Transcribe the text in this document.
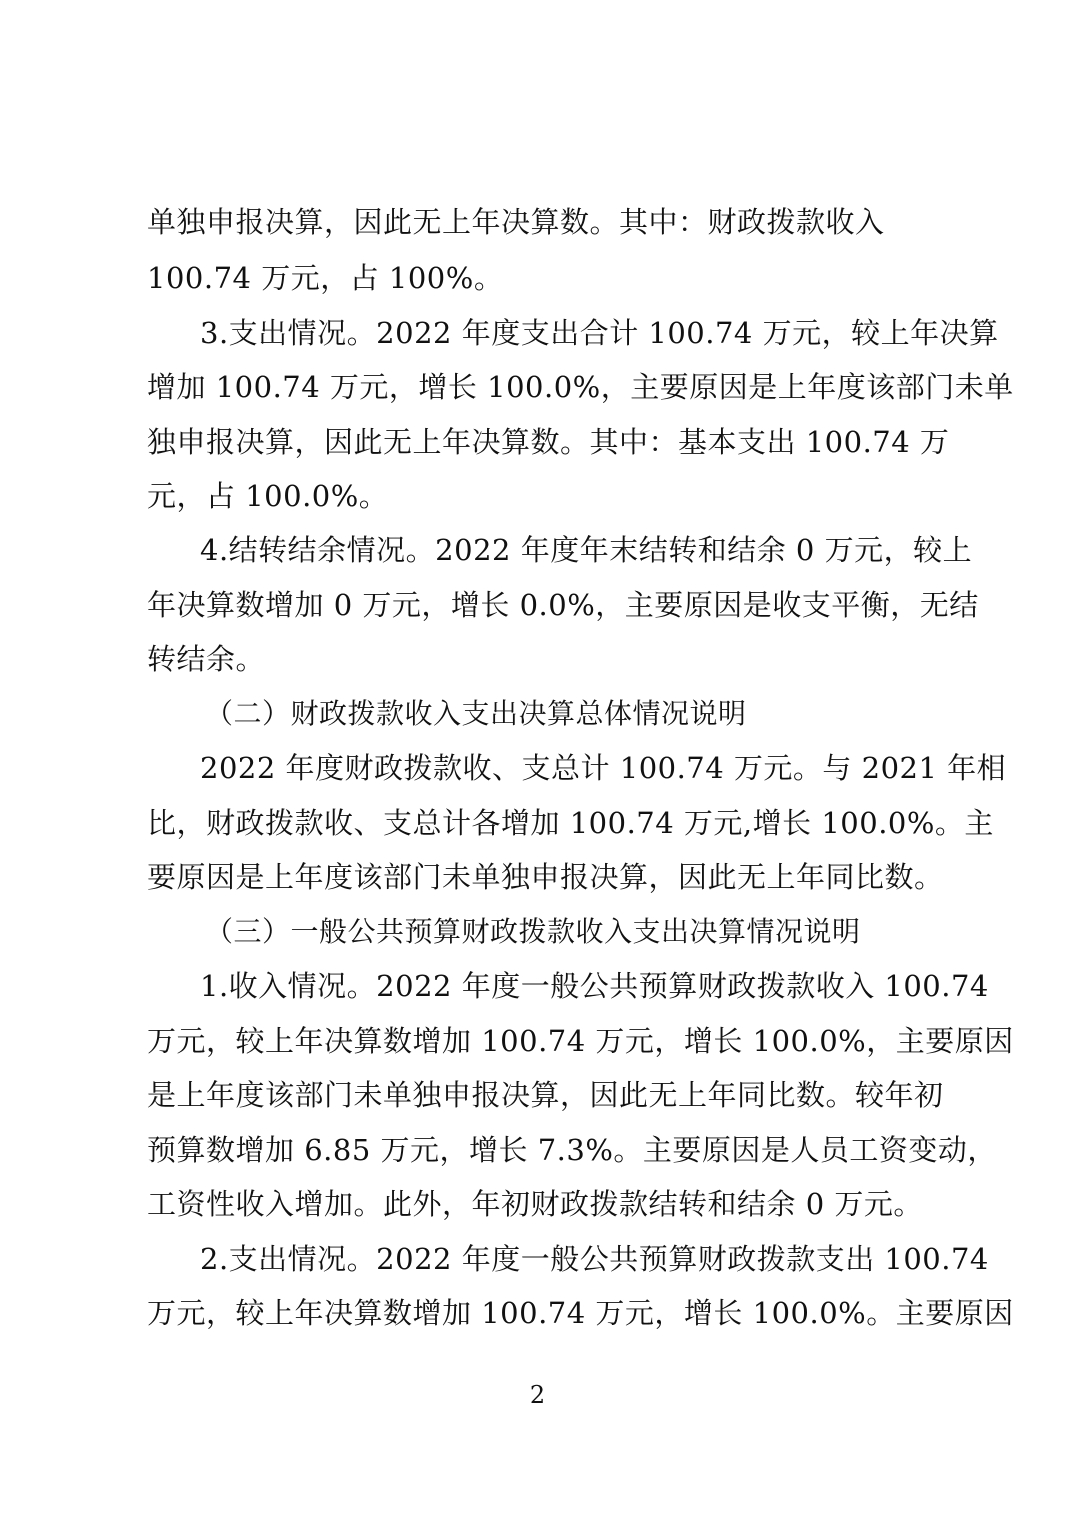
单独申报决算，因此无上年决算数。其中：财政拨款收入
100.74 万元，占 100%。
3.支出情况。2022 年度支出合计 100.74 万元，较上年决算
增加 100.74 万元，增长 100.0%，主要原因是上年度该部门未单
独申报决算，因此无上年决算数。其中：基本支出 100.74 万
元，占 100.0%。
4.结转结余情况。2022 年度年末结转和结余 0 万元，较上
年决算数增加 0 万元，增长 0.0%，主要原因是收支平衡，无结
转结余。
（二）财政拨款收入支出决算总体情况说明
2022 年度财政拨款收、支总计 100.74 万元。与 2021 年相
比，财政拨款收、支总计各增加 100.74 万元,增长 100.0%。主
要原因是上年度该部门未单独申报决算，因此无上年同比数。
（三）一般公共预算财政拨款收入支出决算情况说明
1.收入情况。2022 年度一般公共预算财政拨款收入 100.74
万元，较上年决算数增加 100.74 万元，增长 100.0%，主要原因
是上年度该部门未单独申报决算，因此无上年同比数。较年初
预算数增加 6.85 万元，增长 7.3%。主要原因是人员工资变动，
工资性收入增加。此外，年初财政拨款结转和结余 0 万元。
2.支出情况。2022 年度一般公共预算财政拨款支出 100.74
万元，较上年决算数增加 100.74 万元，增长 100.0%。主要原因
2
